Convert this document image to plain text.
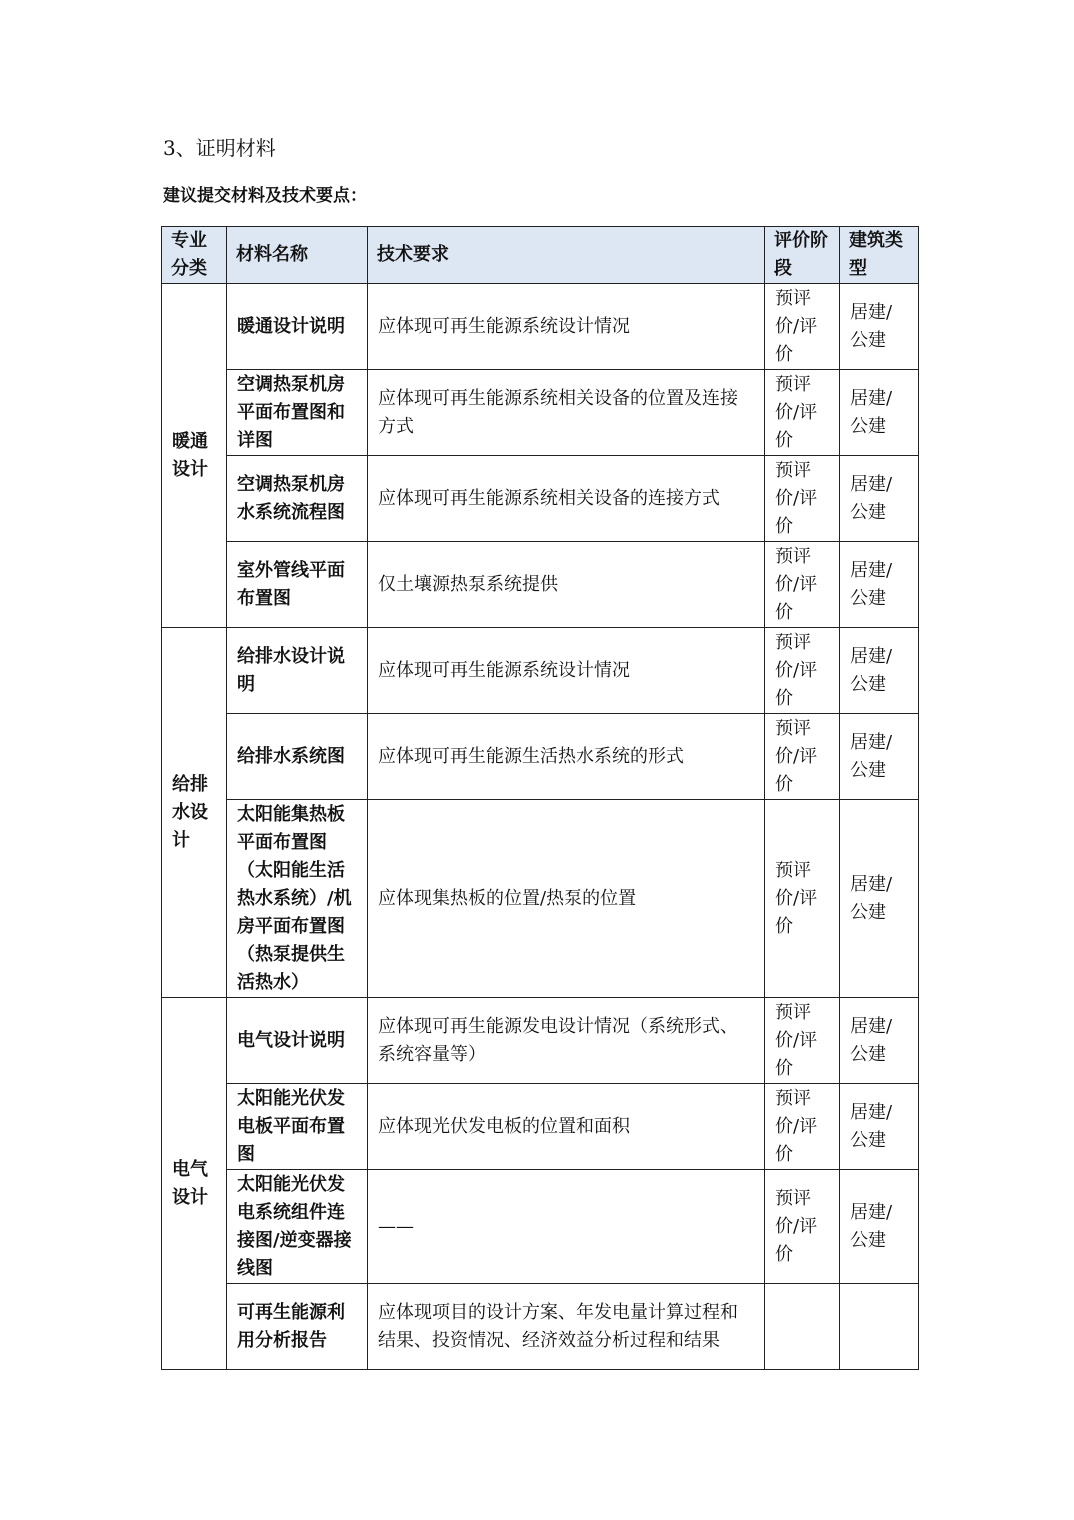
3、证明材料
建议提交材料及技术要点：
专业分类	材料名称	技术要求	评价阶段	建筑类型
暖通设计	暖通设计说明	应体现可再生能源系统设计情况	预评价/评价	居建/公建
	空调热泵机房平面布置图和详图	应体现可再生能源系统相关设备的位置及连接方式	预评价/评价	居建/公建
	空调热泵机房水系统流程图	应体现可再生能源系统相关设备的连接方式	预评价/评价	居建/公建
	室外管线平面布置图	仅土壤源热泵系统提供	预评价/评价	居建/公建
给排水设计	给排水设计说明	应体现可再生能源系统设计情况	预评价/评价	居建/公建
	给排水系统图	应体现可再生能源生活热水系统的形式	预评价/评价	居建/公建
	太阳能集热板平面布置图（太阳能生活热水系统）/机房平面布置图（热泵提供生活热水）	应体现集热板的位置/热泵的位置	预评价/评价	居建/公建
电气设计	电气设计说明	应体现可再生能源发电设计情况（系统形式、系统容量等）	预评价/评价	居建/公建
	太阳能光伏发电板平面布置图	应体现光伏发电板的位置和面积	预评价/评价	居建/公建
	太阳能光伏发电系统组件连接图/逆变器接线图	——	预评价/评价	居建/公建
	可再生能源利用分析报告	应体现项目的设计方案、年发电量计算过程和结果、投资情况、经济效益分析过程和结果		
